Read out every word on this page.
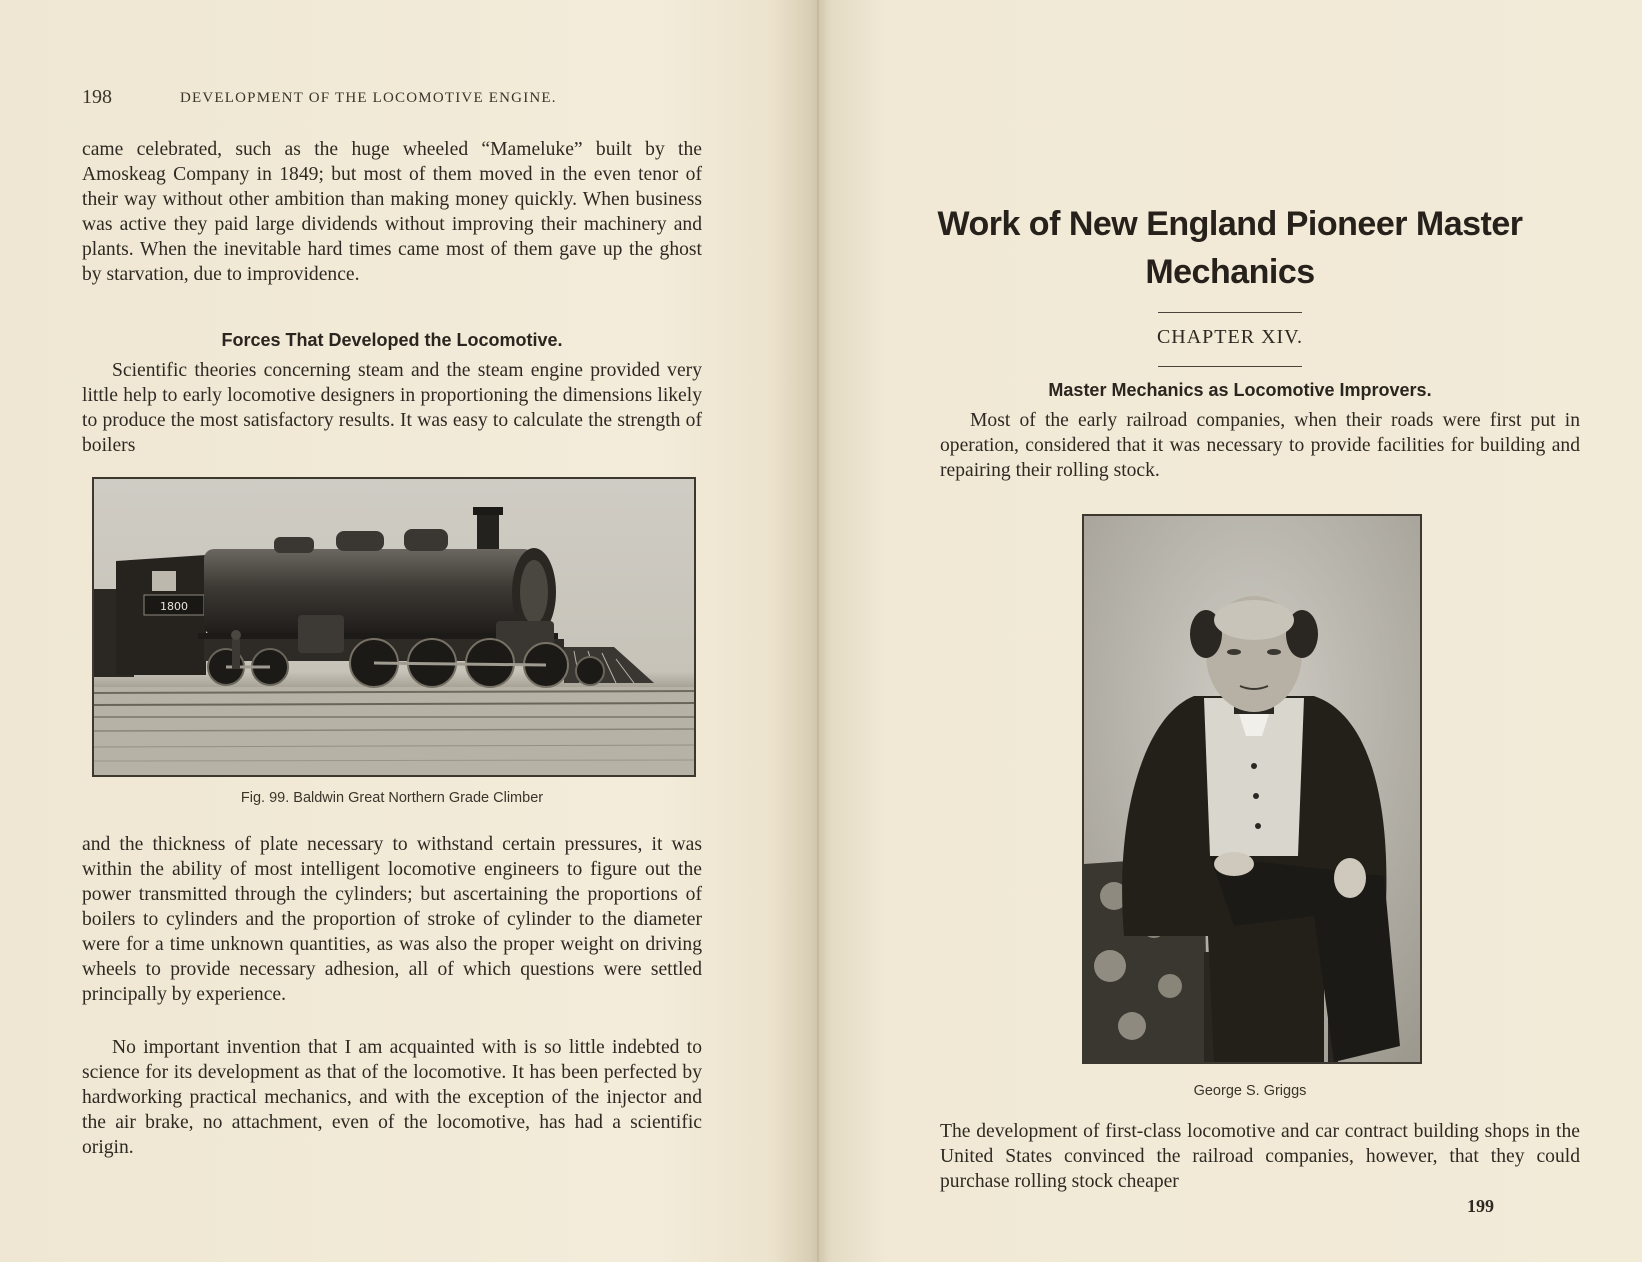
198	DEVELOPMENT OF THE LOCOMOTIVE ENGINE.

came celebrated, such as the huge wheeled “Mameluke” built by the Amoskeag Company in 1849; but most of them moved in the even tenor of their way without other ambition than making money quickly. When business was active they paid large dividends without improving their machinery and plants. When the inevitable hard times came most of them gave up the ghost by starvation, due to improvidence.

Forces That Developed the Locomotive.

Scientific theories concerning steam and the steam engine provided very little help to early locomotive designers in proportioning the dimensions likely to produce the most satisfactory results. It was easy to calculate the strength of boilers

1800

Fig. 99. Baldwin Great Northern Grade Climber

and the thickness of plate necessary to withstand certain pressures, it was within the ability of most intelligent locomotive engineers to figure out the power transmitted through the cylinders; but ascertaining the proportions of boilers to cylinders and the proportion of stroke of cylinder to the diameter were for a time unknown quantities, as was also the proper weight on driving wheels to provide necessary adhesion, all of which questions were settled principally by experience.

No important invention that I am acquainted with is so little indebted to science for its development as that of the locomotive. It has been perfected by hardworking practical mechanics, and with the exception of the injector and the air brake, no attachment, even of the locomotive, has had a scientific origin.

Work of New England Pioneer Master Mechanics

CHAPTER XIV.

Master Mechanics as Locomotive Improvers.

Most of the early railroad companies, when their roads were first put in operation, considered that it was necessary to provide facilities for building and repairing their rolling stock.

George S. Griggs

The development of first-class locomotive and car contract building shops in the United States convinced the railroad companies, however, that they could purchase rolling stock cheaper

199
